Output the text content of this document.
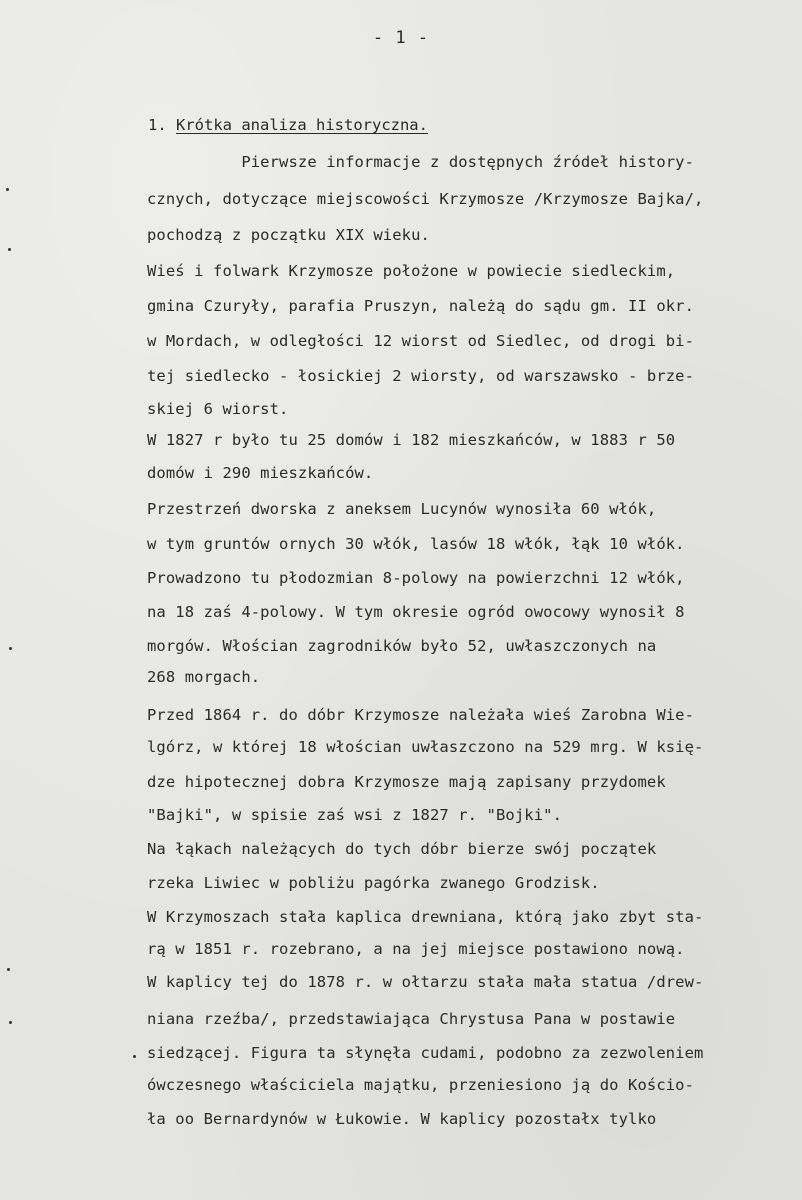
- 1 -
1. Krótka analiza historyczna.
Pierwsze informacje z dostępnych źródeł history-
cznych, dotyczące miejscowości Krzymosze /Krzymosze Bajka/,
pochodzą z początku XIX wieku.
Wieś i folwark Krzymosze położone w powiecie siedleckim,
gmina Czuryły, parafia Pruszyn, należą do sądu gm. II okr.
w Mordach, w odległości 12 wiorst od Siedlec, od drogi bi-
tej siedlecko - łosickiej 2 wiorsty, od warszawsko - brze-
skiej 6 wiorst.
W 1827 r było tu 25 domów i 182 mieszkańców, w 1883 r 50
domów i 290 mieszkańców.
Przestrzeń dworska z aneksem Lucynów wynosiła 60 włók,
w tym gruntów ornych 30 włók, lasów 18 włók, łąk 10 włók.
Prowadzono tu płodozmian 8-polowy na powierzchni 12 włók,
na 18 zaś 4-polowy. W tym okresie ogród owocowy wynosił 8
morgów. Włościan zagrodników było 52, uwłaszczonych na
268 morgach.
Przed 1864 r. do dóbr Krzymosze należała wieś Zarobna Wie-
lgórz, w której 18 włościan uwłaszczono na 529 mrg. W księ-
dze hipotecznej dobra Krzymosze mają zapisany przydomek
"Bajki", w spisie zaś wsi z 1827 r. "Bojki".
Na łąkach należących do tych dóbr bierze swój początek
rzeka Liwiec w pobliżu pagórka zwanego Grodzisk.
W Krzymoszach stała kaplica drewniana, którą jako zbyt sta-
rą w 1851 r. rozebrano, a na jej miejsce postawiono nową.
W kaplicy tej do 1878 r. w ołtarzu stała mała statua /drew-
niana rzeźba/, przedstawiająca Chrystusa Pana w postawie
siedzącej. Figura ta słynęła cudami, podobno za zezwoleniem
ówczesnego właściciela majątku, przeniesiono ją do Kościo-
ła oo Bernardynów w Łukowie. W kaplicy pozostałx tylko
